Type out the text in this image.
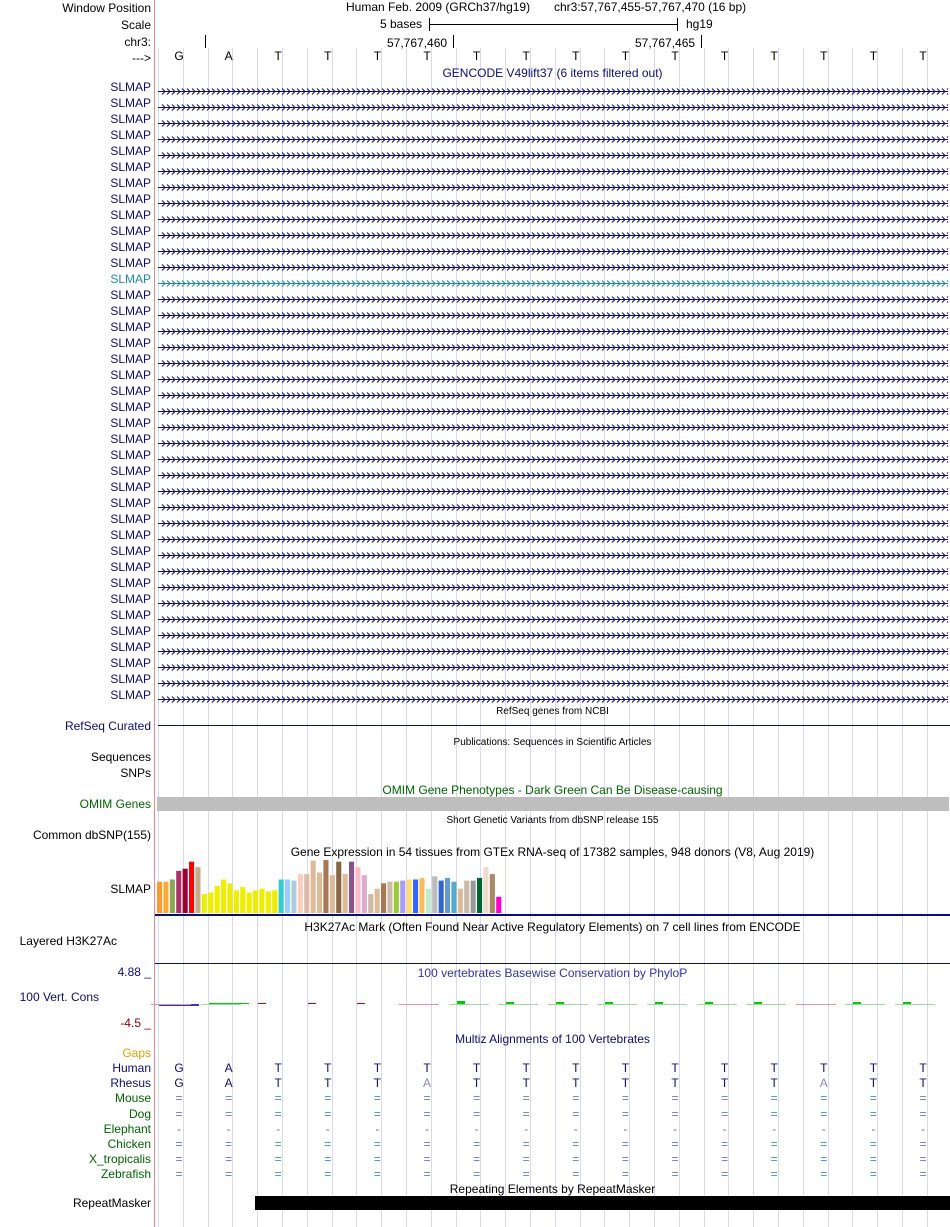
Window Position
Scale
chr3:
--->
SLMAP
SLMAP
SLMAP
SLMAP
SLMAP
SLMAP
SLMAP
SLMAP
SLMAP
SLMAP
SLMAP
SLMAP
SLMAP
SLMAP
SLMAP
SLMAP
SLMAP
SLMAP
SLMAP
SLMAP
SLMAP
SLMAP
SLMAP
SLMAP
SLMAP
SLMAP
SLMAP
SLMAP
SLMAP
SLMAP
SLMAP
SLMAP
SLMAP
SLMAP
SLMAP
SLMAP
SLMAP
SLMAP
SLMAP
RefSeq Curated
Sequences
SNPs
OMIM Genes
Common dbSNP(155)
SLMAP
Layered H3K27Ac
4.88 _
100 Vert. Cons
-4.5 _
Gaps
Human
Rhesus
Mouse
Dog
Elephant
Chicken
X_tropicalis
Zebrafish
RepeatMasker
Human Feb. 2009 (GRCh37/hg19) chr3:57,767,455-57,767,470 (16 bp)
5 bases	hg19
57,767,460	57,767,465
G	A	T	T	T	T	T	T	T	T	T	T	T	T	T	T
GENCODE V49lift37 (6 items filtered out)
RefSeq genes from NCBI
Publications: Sequences in Scientific Articles
OMIM Gene Phenotypes - Dark Green Can Be Disease-causing
Short Genetic Variants from dbSNP release 155
Gene Expression in 54 tissues from GTEx RNA-seq of 17382 samples, 948 donors (V8, Aug 2019)
H3K27Ac Mark (Often Found Near Active Regulatory Elements) on 7 cell lines from ENCODE
100 vertebrates Basewise Conservation by PhyloP
Multiz Alignments of 100 Vertebrates
G	A	T	T	T	T	T	T	T	T	T	T	T	T	T	T
G	A	T	T	T	A	T	T	T	T	T	T	T	A	T	T
=	=	=	=	=	=	=	=	=	=	=	=	=	=	=	=
=	=	=	=	=	=	=	=	=	=	=	=	=	=	=	=
-	-	-	-	-	-	-	-	-	-	-	-	-	-	-	-
=	=	=	=	=	=	=	=	=	=	=	=	=	=	=	=
=	=	=	=	=	=	=	=	=	=	=	=	=	=	=	=
=	=	=	=	=	=	=	=	=	=	=	=	=	=	=	=
Repeating Elements by RepeatMasker
